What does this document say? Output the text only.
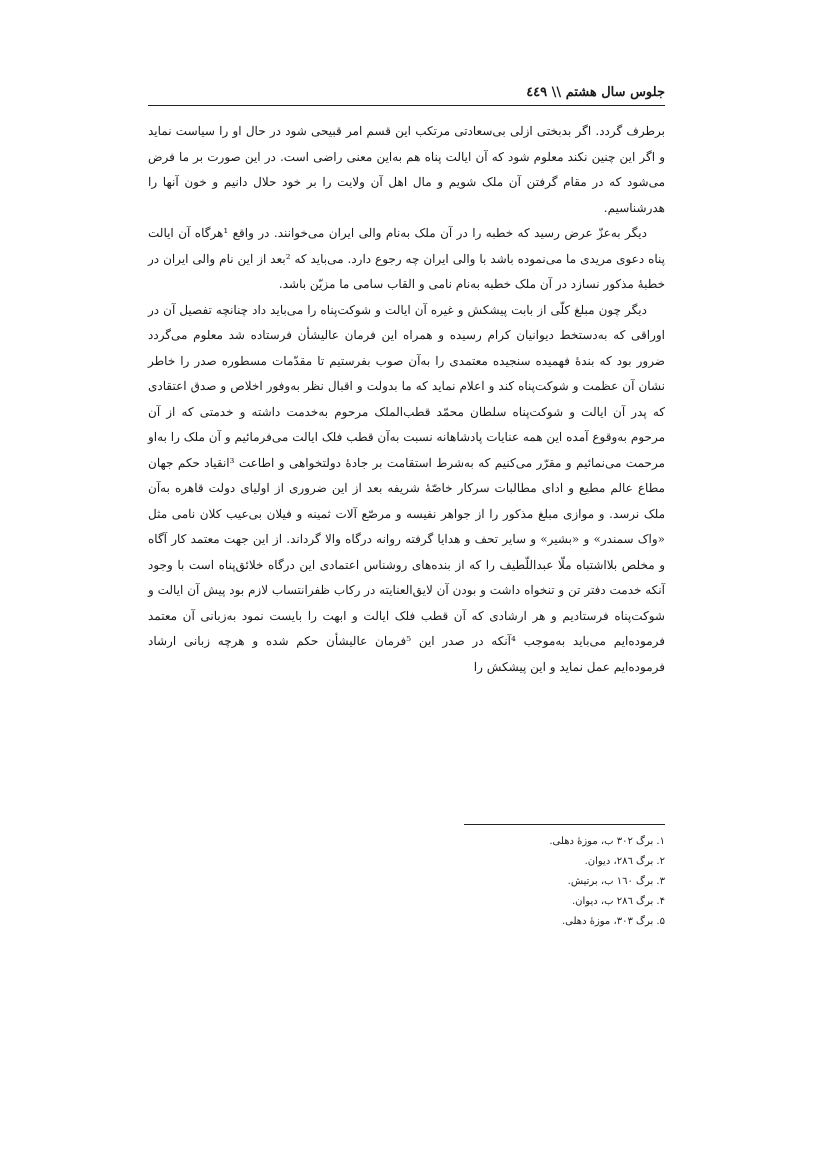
جلوس سال هشتم \\ ٤٤٩

برطرف گردد. اگر بدبختی ازلی بی‌سعادتی مرتکب این قسم امر قبیحی شود در حال او را سیاست نماید و اگر این چنین نکند معلوم شود که آن ایالت پناه هم به‌این معنی راضی است. در این صورت بر ما فرض می‌شود که در مقام گرفتن آن ملک شویم و مال اهل آن ولایت را بر خود حلال دانیم و خون آنها را هدرشناسیم.

دیگر به‌عزّ عرض رسید که خطبه را در آن ملک به‌نام والی ایران می‌خوانند. در واقع ¹هرگاه آن ایالت پناه دعوی مریدی ما می‌نموده باشد با والی ایران چه رجوع دارد. می‌باید که ²بعد از این نام والی ایران در خطبهٔ مذکور نسازد در آن ملک خطبه به‌نام نامی و القاب سامی ما مزیّن باشد.

دیگر چون مبلغ کلّی از بابت پیشکش و غیره آن ایالت و شوکت‌پناه را می‌باید داد چنانچه تفصیل آن در اوراقی که به‌دستخط دیوانیان کرام رسیده و همراه این فرمان عالیشأن فرستاده شد معلوم می‌گردد ضرور بود که بندهٔ فهمیده سنجیده معتمدی را به‌آن صوب بفرستیم تا مقدّمات مسطوره صدر را خاطر نشان آن عظمت و شوکت‌پناه کند و اعلام نماید که ما بدولت و اقبال نظر به‌وفور اخلاص و صدق اعتقادی که پدر آن ایالت و شوکت‌پناه سلطان محمّد قطب‌الملک مرحوم به‌خدمت داشته و خدمتی که از آن مرحوم به‌وقوع آمده این همه عنایات پادشاهانه نسبت به‌آن قطب فلک ایالت می‌فرمائیم و آن ملک را به‌او مرحمت می‌نمائیم و مقرّر می‌کنیم که به‌شرط استقامت بر جادهٔ دولتخواهی و اطاعت ³انقیاد حکم جهان مطاع عالم مطیع و ادای مطالبات سرکار خاصّهٔ شریفه بعد از این ضروری از اولیای دولت قاهره به‌آن ملک نرسد. و موازی مبلغ مذکور را از جواهر نفیسه و مرصّع آلات ثمینه و فیلان بی‌عیب کلان نامی مثل «واک سمندر» و «بشیر» و سایر تحف و هدایا گرفته روانه درگاه والا گرداند. از این جهت معتمد کار آگاه و مخلص بلااشتباه ملّا عبداللّطیف را که از بنده‌های روشناس اعتمادی این درگاه خلائق‌پناه است با وجود آنکه خدمت دفتر تن و تنخواه داشت و بودن آن لایق‌العنایته در رکاب ظفرانتساب لازم بود پیش آن ایالت و شوکت‌پناه فرستادیم و هر ارشادی که آن قطب فلک ایالت و ابهت را بایست نمود به‌زبانی آن معتمد فرموده‌ایم می‌باید به‌موجب ⁴آنکه در صدر این ⁵فرمان عالیشأن حکم شده و هرچه زبانی ارشاد فرموده‌ایم عمل نماید و این پیشکش را

۱. برگ ۳۰۲ ب، موزهٔ دهلی.
۲. برگ ۲۸٦، دیوان.
۳. برگ ١٦٠ ب، برتیش.
۴. برگ ۲۸٦ ب، دیوان.
۵. برگ ۳۰۳، موزهٔ دهلی.
